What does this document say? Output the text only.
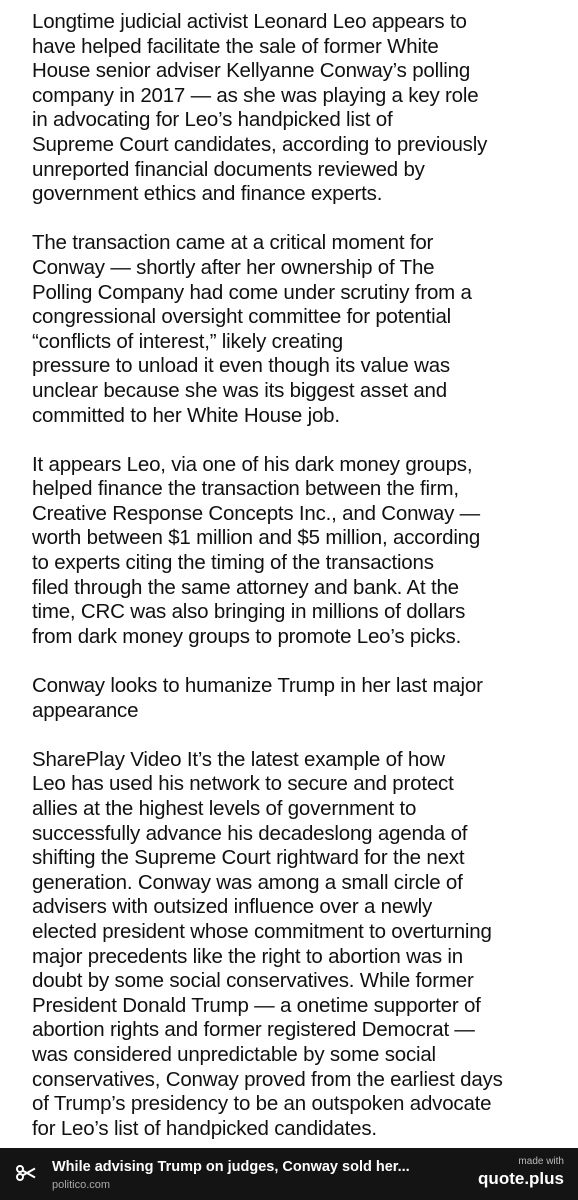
Longtime judicial activist Leonard Leo appears to
have helped facilitate the sale of former White
House senior adviser Kellyanne Conway’s polling
company in 2017 — as she was playing a key role
in advocating for Leo’s handpicked list of
Supreme Court candidates, according to previously
unreported financial documents reviewed by
government ethics and finance experts.

The transaction came at a critical moment for
Conway — shortly after her ownership of The
Polling Company had come under scrutiny from a
congressional oversight committee for potential
“conflicts of interest,” likely creating
pressure to unload it even though its value was
unclear because she was its biggest asset and
committed to her White House job.

It appears Leo, via one of his dark money groups,
helped finance the transaction between the firm,
Creative Response Concepts Inc., and Conway —
worth between $1 million and $5 million, according
to experts citing the timing of the transactions
filed through the same attorney and bank. At the
time, CRC was also bringing in millions of dollars
from dark money groups to promote Leo’s picks.

Conway looks to humanize Trump in her last major
appearance

SharePlay Video It’s the latest example of how
Leo has used his network to secure and protect
allies at the highest levels of government to
successfully advance his decadeslong agenda of
shifting the Supreme Court rightward for the next
generation. Conway was among a small circle of
advisers with outsized influence over a newly
elected president whose commitment to overturning
major precedents like the right to abortion was in
doubt by some social conservatives. While former
President Donald Trump — a onetime supporter of
abortion rights and former registered Democrat —
was considered unpredictable by some social
conservatives, Conway proved from the earliest days
of Trump’s presidency to be an outspoken advocate
for Leo’s list of handpicked candidates.

While advising Trump on judges, Conway sold her...
politico.com
made with
quote.plus
